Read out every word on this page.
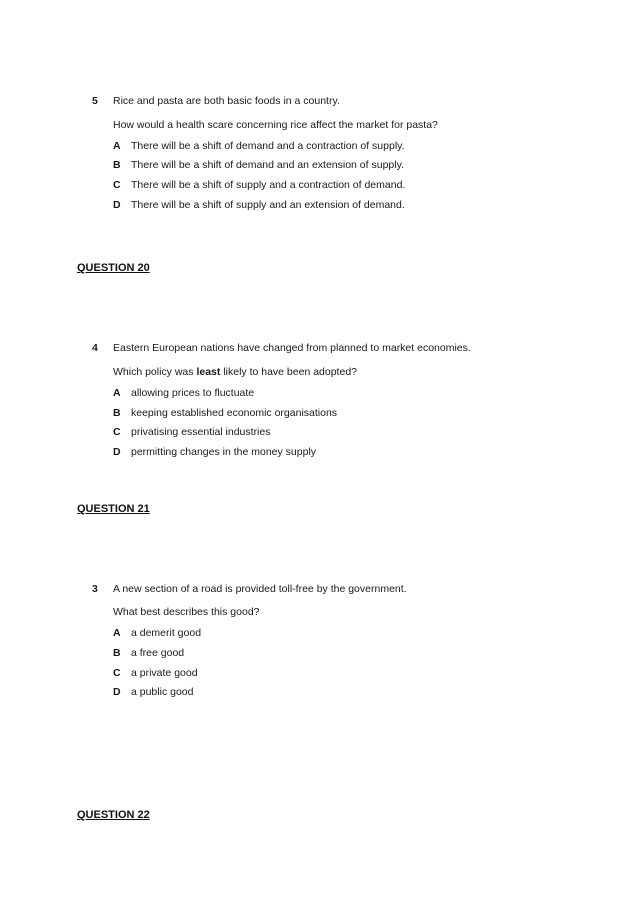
5 Rice and pasta are both basic foods in a country.
How would a health scare concerning rice affect the market for pasta?
A There will be a shift of demand and a contraction of supply.
B There will be a shift of demand and an extension of supply.
C There will be a shift of supply and a contraction of demand.
D There will be a shift of supply and an extension of demand.
QUESTION 20
4 Eastern European nations have changed from planned to market economies.
Which policy was least likely to have been adopted?
A allowing prices to fluctuate
B keeping established economic organisations
C privatising essential industries
D permitting changes in the money supply
QUESTION 21
3 A new section of a road is provided toll-free by the government.
What best describes this good?
A a demerit good
B a free good
C a private good
D a public good
QUESTION 22
